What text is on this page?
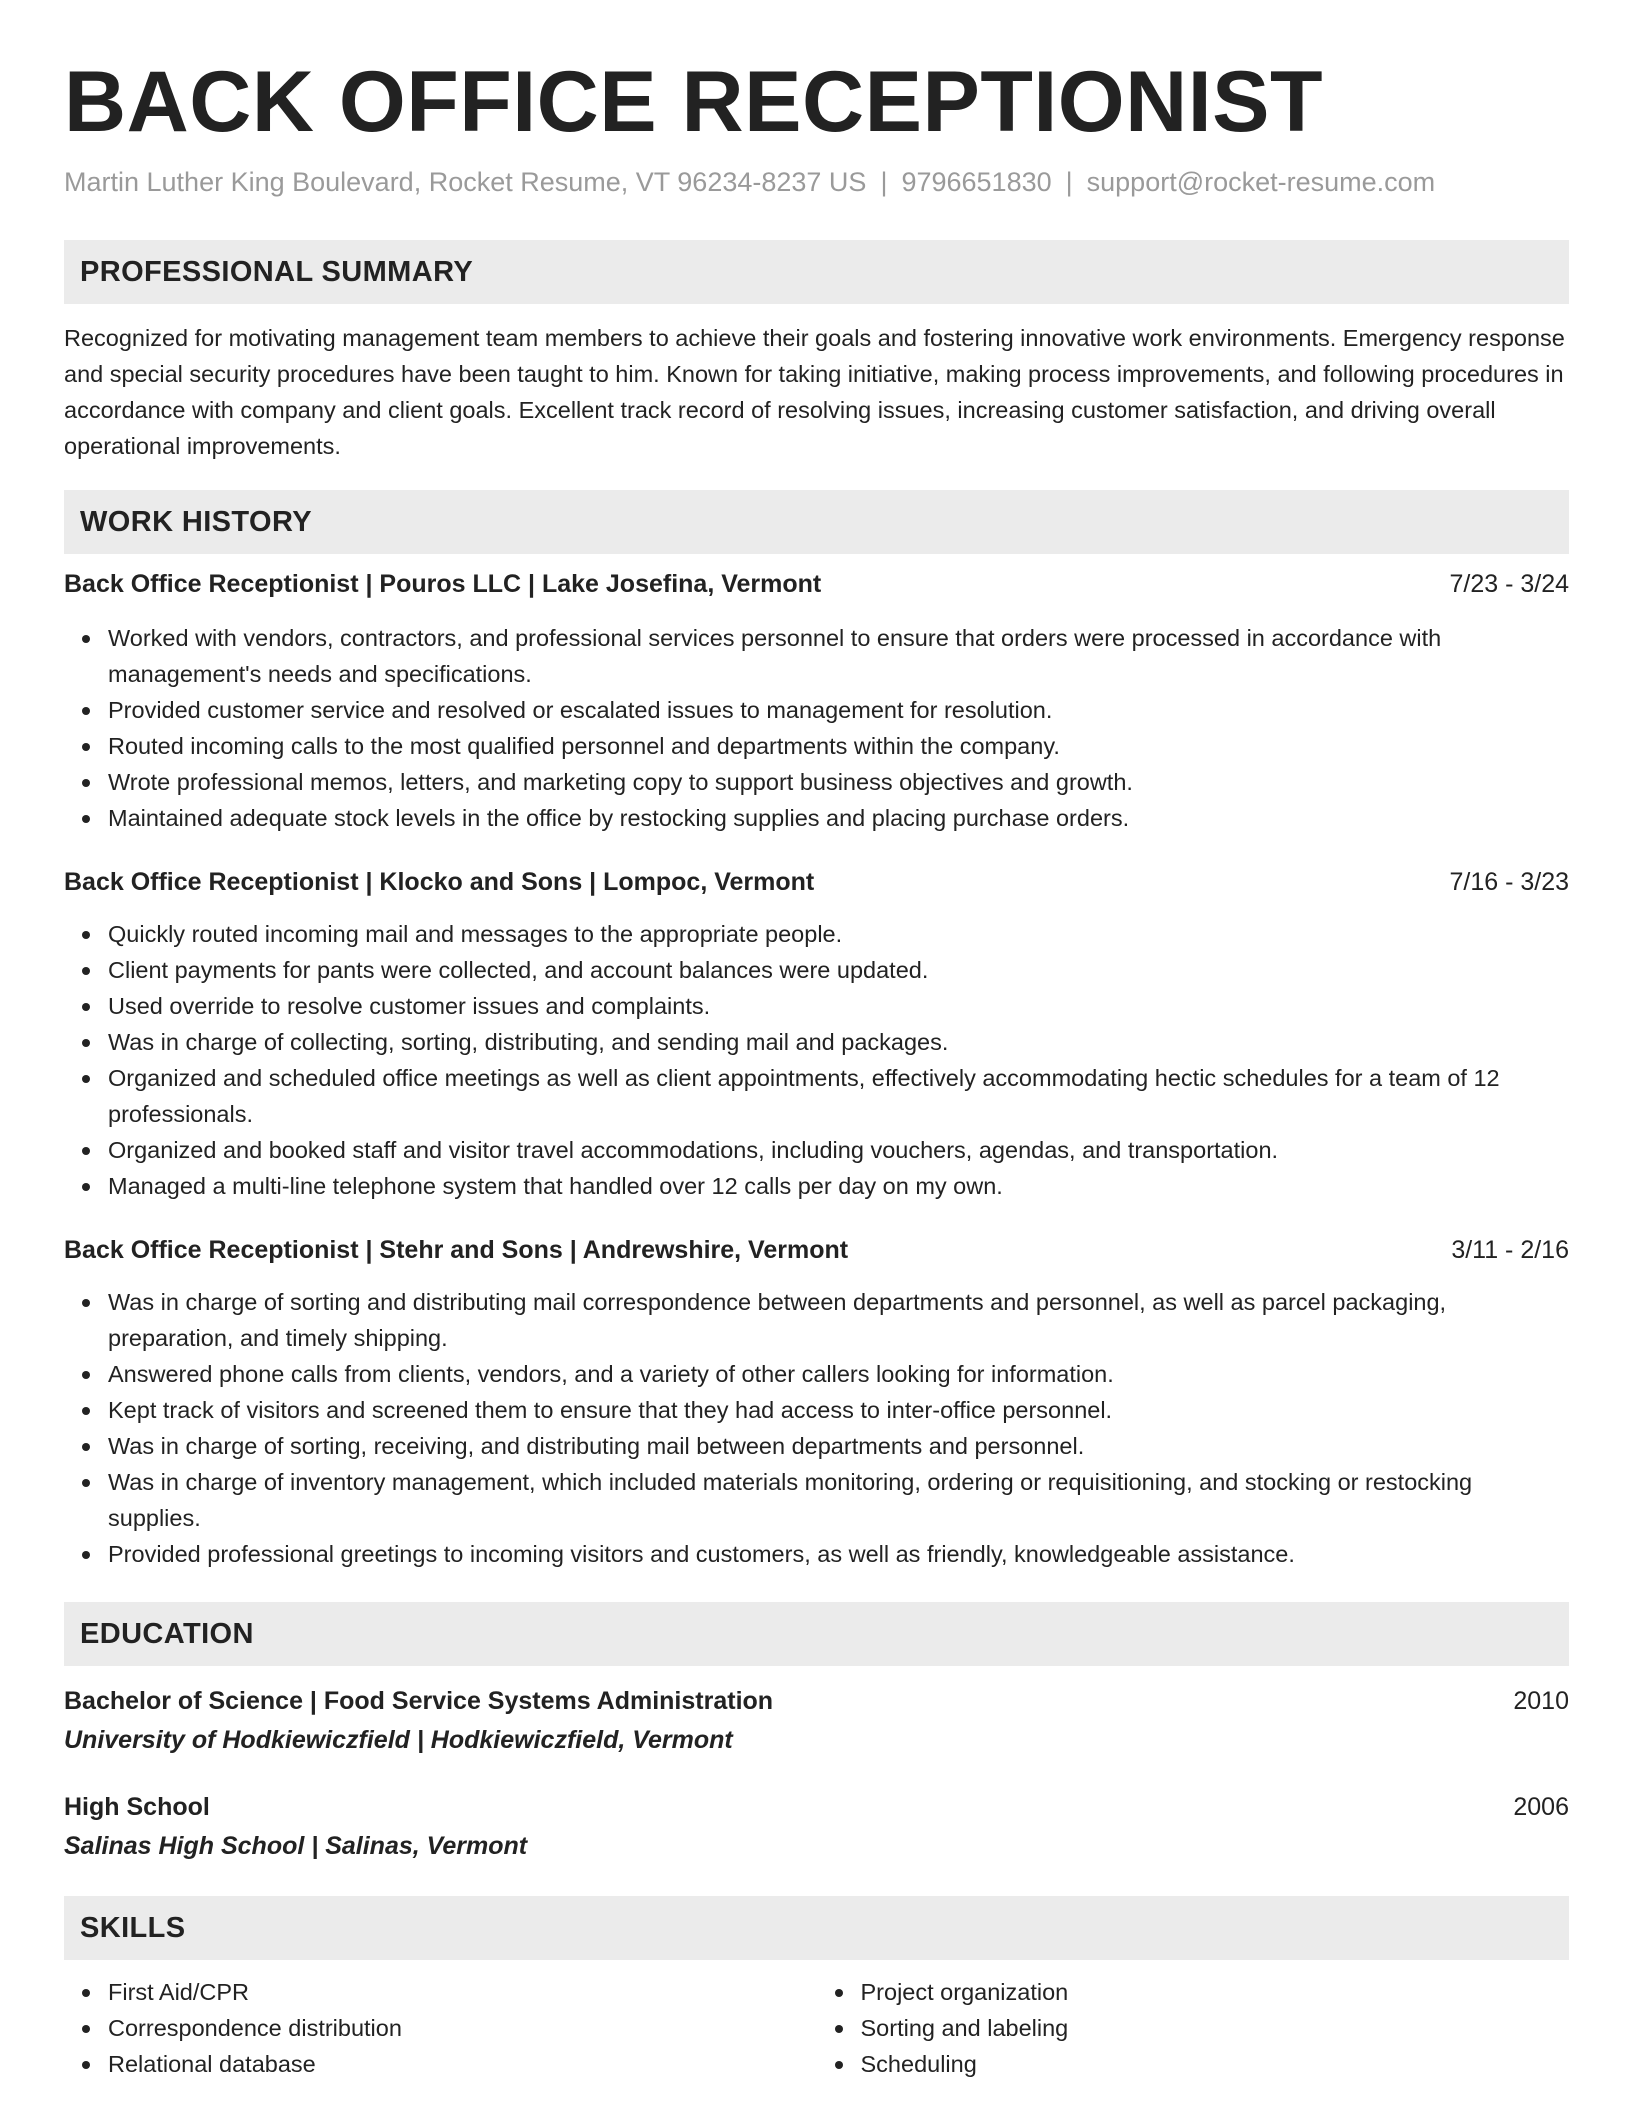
BACK OFFICE RECEPTIONIST
Martin Luther King Boulevard, Rocket Resume, VT 96234-8237 US | 9796651830 | support@rocket-resume.com
PROFESSIONAL SUMMARY

Recognized for motivating management team members to achieve their goals and fostering innovative work environments. Emergency response and special security procedures have been taught to him. Known for taking initiative, making process improvements, and following procedures in accordance with company and client goals. Excellent track record of resolving issues, increasing customer satisfaction, and driving overall operational improvements.

WORK HISTORY
Back Office Receptionist | Pouros LLC | Lake Josefina, Vermont	7/23 - 3/24
Worked with vendors, contractors, and professional services personnel to ensure that orders were processed in accordance with management's needs and specifications.
Provided customer service and resolved or escalated issues to management for resolution.
Routed incoming calls to the most qualified personnel and departments within the company.
Wrote professional memos, letters, and marketing copy to support business objectives and growth.
Maintained adequate stock levels in the office by restocking supplies and placing purchase orders.
Back Office Receptionist | Klocko and Sons | Lompoc, Vermont	7/16 - 3/23
Quickly routed incoming mail and messages to the appropriate people.
Client payments for pants were collected, and account balances were updated.
Used override to resolve customer issues and complaints.
Was in charge of collecting, sorting, distributing, and sending mail and packages.
Organized and scheduled office meetings as well as client appointments, effectively accommodating hectic schedules for a team of 12 professionals.
Organized and booked staff and visitor travel accommodations, including vouchers, agendas, and transportation.
Managed a multi-line telephone system that handled over 12 calls per day on my own.
Back Office Receptionist | Stehr and Sons | Andrewshire, Vermont	3/11 - 2/16
Was in charge of sorting and distributing mail correspondence between departments and personnel, as well as parcel packaging, preparation, and timely shipping.
Answered phone calls from clients, vendors, and a variety of other callers looking for information.
Kept track of visitors and screened them to ensure that they had access to inter-office personnel.
Was in charge of sorting, receiving, and distributing mail between departments and personnel.
Was in charge of inventory management, which included materials monitoring, ordering or requisitioning, and stocking or restocking supplies.
Provided professional greetings to incoming visitors and customers, as well as friendly, knowledgeable assistance.
EDUCATION
Bachelor of Science | Food Service Systems Administration	2010
University of Hodkiewiczfield | Hodkiewiczfield, Vermont
High School	2006
Salinas High School | Salinas, Vermont
SKILLS
First Aid/CPR
Correspondence distribution
Relational database
Project organization
Sorting and labeling
Scheduling
